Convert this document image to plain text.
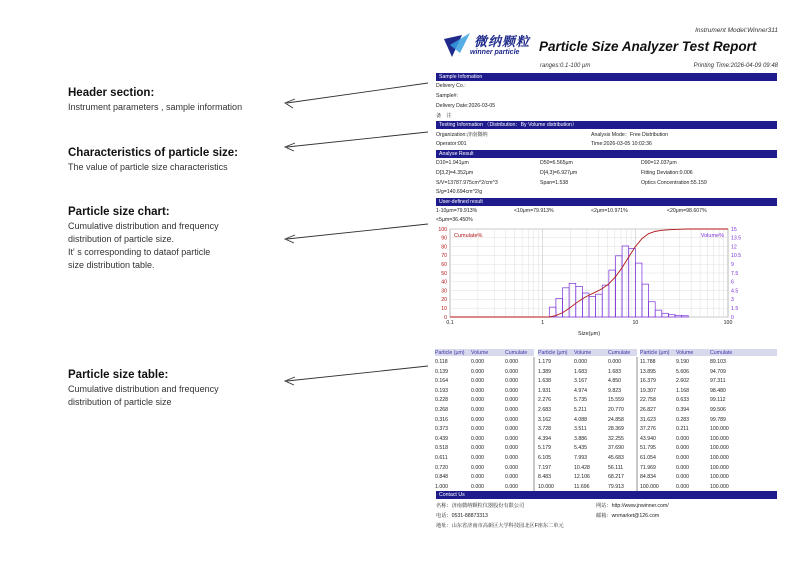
Header section:
Instrument parameters , sample information
Characteristics of particle size:
The value of particle size characteristics
Particle size chart:
Cumulative distribution and frequency
distribution of particle size.
It' s corresponding to dataof particle
size distribution table.
Particle size table:
Cumulative distribution and frequency
distribution of particle size
Instrument Model:Winner311
微纳颗粒
winner particle Particle Size Analyzer Test Report
ranges:0.1-100 μm	Printing Time:2026-04-09 09:48
Sample Infomation
Delivery Co.:
Sample#:
Delivery Date:2026-03-05
备　注
Testing Information （Distribution：By Volume distribution）
Organization:济南微纳	Analysis Mode：Free Distribution
Operator:001	Time:2026-03-05 10:02:36
Analyse Result
D10=1.941μm	D50=6.565μm	D90=12.037μm
D[3,2]=4.352μm	D[4,3]=6.927μm	Fitting Deviation:0.006
S/V=13787.975cm^2/cm^3	Span=1.538	Optics Concentration:55.159
S/g=140.694cm^2/g
User-defined result
1-10μm=79.913%	<10μm=79.913%	<2μm=10.971%	<20μm=98.607%
<5μm=36.450%
0
10
20
30
40
50
60
70
80
90
100
0
1.5
3
4.5
6
7.5
9
10.5
12
13.5
15
0.1	1	10	100
Size(μm)
Cumulate%	Volume%
Particle (μm) Volume	Cumulate
0.118	0.000	0.000
0.139	0.000	0.000
0.164	0.000	0.000
0.193	0.000	0.000
0.228	0.000	0.000
0.268	0.000	0.000
0.316	0.000	0.000
0.373	0.000	0.000
0.439	0.000	0.000
0.518	0.000	0.000
0.611	0.000	0.000
0.720	0.000	0.000
0.848	0.000	0.000
1.000	0.000	0.000
Particle (μm) Volume	Cumulate
1.179	0.000	0.000
1.389	1.683	1.683
1.638	3.167	4.850
1.931	4.974	9.823
2.276	5.735	15.559
2.683	5.211	20.770
3.162	4.088	24.858
3.728	3.511	28.369
4.394	3.886	32.255
5.179	5.435	37.690
6.105	7.993	45.683
7.197	10.428	56.111
8.483	12.106	68.217
10.000	11.696	79.913
Particle (μm) Volume	Cumulate
11.788	9.190	89.103
13.895	5.606	94.709
16.379	2.602	97.311
19.307	1.168	98.480
22.758	0.633	99.112
26.827	0.394	99.506
31.623	0.283	99.789
37.276	0.211	100.000
43.940	0.000	100.000
51.795	0.000	100.000
61.054	0.000	100.000
71.969	0.000	100.000
84.834	0.000	100.000
100.000	0.000	100.000
Contact Us
名称：济南微纳颗粒仪器股份有限公司	网站：http://www.jnwinner.com/
电话：0531-88873313	邮箱：wnmarket@126.com
地址：山东省济南市高新区大学科技园北区F座东二单元
